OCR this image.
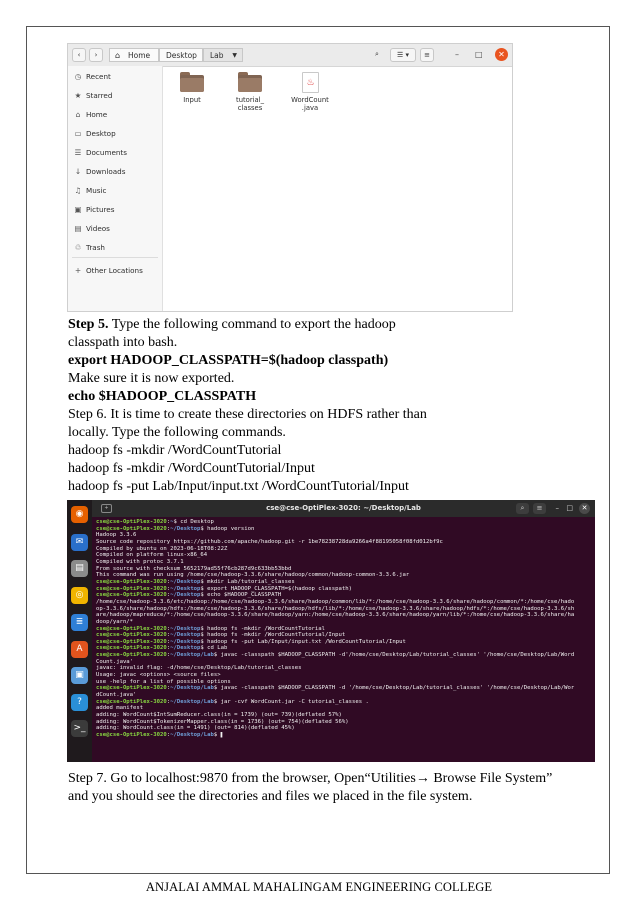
‹	›	⌂ Home	Desktop	Lab ▼	⌕	☰ ▾	≡	– □	✕
◷ Recent
★ Starred
⌂ Home
▭ Desktop
☰ Documents
↓ Downloads
♫ Music
▣ Pictures
▤ Videos
♲ Trash
+ Other Locations
Input	tutorial_
classes
♨
WordCount
.java
Step 5. Type the following command to export the hadoop
classpath into bash.
export HADOOP_CLASSPATH=$(hadoop classpath)
Make sure it is now exported.
echo $HADOOP_CLASSPATH
Step 6. It is time to create these directories on HDFS rather than
locally. Type the following commands.
hadoop fs -mkdir /WordCountTutorial
hadoop fs -mkdir /WordCountTutorial/Input
hadoop fs -put Lab/Input/input.txt /WordCountTutorial/Input
◉
✉
▤
◎
≣
A
▣
?
>_
+	cse@cse-OptiPlex-3020: ~/Desktop/Lab	⌕	≡	– □	✕
cse@cse-OptiPlex-3020:~$ cd Desktop
cse@cse-OptiPlex-3020:~/Desktop$ hadoop version
Hadoop 3.3.6
Source code repository https://github.com/apache/hadoop.git -r 1be78238728da9266a4f88195058f08fd012bf9c
Compiled by ubuntu on 2023-06-18T08:22Z
Compiled on platform linux-x86_64
Compiled with protoc 3.7.1
From source with checksum 5652179ad55f76cb287d9c633bb53bbd
This command was run using /home/cse/hadoop-3.3.6/share/hadoop/common/hadoop-common-3.3.6.jar
cse@cse-OptiPlex-3020:~/Desktop$ mkdir Lab/tutorial_classes
cse@cse-OptiPlex-3020:~/Desktop$ export HADOOP_CLASSPATH=$(hadoop classpath)
cse@cse-OptiPlex-3020:~/Desktop$ echo $HADOOP_CLASSPATH
/home/cse/hadoop-3.3.6/etc/hadoop:/home/cse/hadoop-3.3.6/share/hadoop/common/lib/*:/home/cse/hadoop-3.3.6/share/hadoop/common/*:/home/cse/hado
op-3.3.6/share/hadoop/hdfs:/home/cse/hadoop-3.3.6/share/hadoop/hdfs/lib/*:/home/cse/hadoop-3.3.6/share/hadoop/hdfs/*:/home/cse/hadoop-3.3.6/sh
are/hadoop/mapreduce/*:/home/cse/hadoop-3.3.6/share/hadoop/yarn:/home/cse/hadoop-3.3.6/share/hadoop/yarn/lib/*:/home/cse/hadoop-3.3.6/share/ha
doop/yarn/*
cse@cse-OptiPlex-3020:~/Desktop$ hadoop fs -mkdir /WordCountTutorial
cse@cse-OptiPlex-3020:~/Desktop$ hadoop fs -mkdir /WordCountTutorial/Input
cse@cse-OptiPlex-3020:~/Desktop$ hadoop fs -put Lab/Input/input.txt /WordCountTutorial/Input
cse@cse-OptiPlex-3020:~/Desktop$ cd Lab
cse@cse-OptiPlex-3020:~/Desktop/Lab$ javac -classpath $HADOOP_CLASSPATH -d'/home/cse/Desktop/Lab/tutorial_classes' '/home/cse/Desktop/Lab/Word
Count.java'
javac: invalid flag: -d/home/cse/Desktop/Lab/tutorial_classes
Usage: javac <options> <source files>
use -help for a list of possible options
cse@cse-OptiPlex-3020:~/Desktop/Lab$ javac -classpath $HADOOP_CLASSPATH -d '/home/cse/Desktop/Lab/tutorial_classes' '/home/cse/Desktop/Lab/Wor
dCount.java'
cse@cse-OptiPlex-3020:~/Desktop/Lab$ jar -cvf WordCount.jar -C tutorial_classes .
added manifest
adding: WordCount$IntSumReducer.class(in = 1739) (out= 739)(deflated 57%)
adding: WordCount$TokenizerMapper.class(in = 1736) (out= 754)(deflated 56%)
adding: WordCount.class(in = 1491) (out= 814)(deflated 45%)
cse@cse-OptiPlex-3020:~/Desktop/Lab$ ▌
Step 7. Go to localhost:9870 from the browser, Open“Utilities→ Browse File System”
and you should see the directories and files we placed in the file system.
ANJALAI AMMAL MAHALINGAM ENGINEERING COLLEGE
